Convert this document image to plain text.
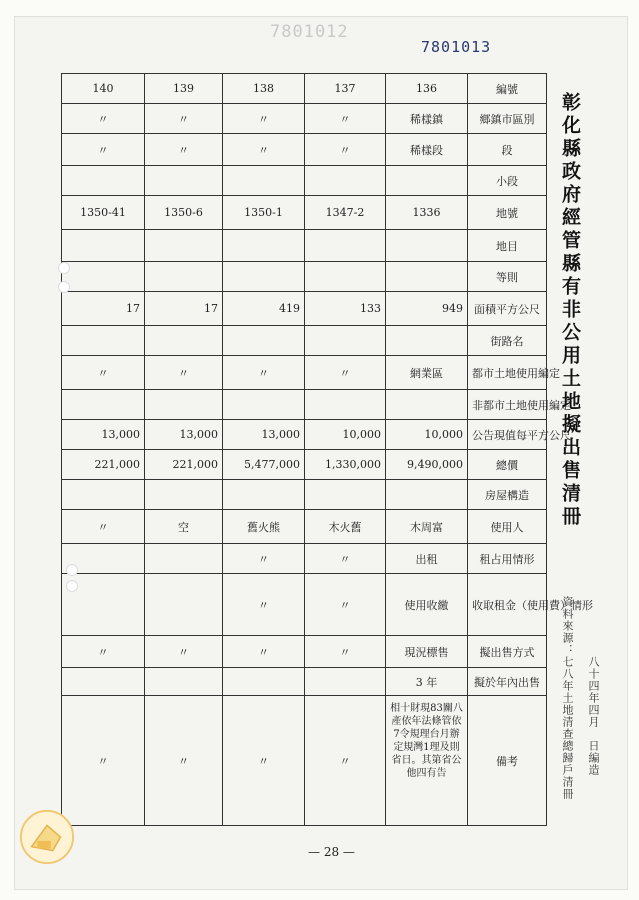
7801012
7801013
140	139	138	137	136	編號
〃	〃	〃	〃	稀樣鎮	鄉鎮市區別
〃	〃	〃	〃	稀樣段	段
					小段
1350-41	1350-6	1350-1	1347-2	1336	地號
					地目
					等則
17	17	419	133	949	面積平方公尺
					街路名
〃	〃	〃	〃	網業區	都市土地使用編定
					非都市土地使用編定
13,000	13,000	13,000	10,000	10,000	公告現值每平方公尺
221,000	221,000	5,477,000	1,330,000	9,490,000	總價
					房屋構造
〃	空	舊火熊	木火舊	木周富	使用人
		〃	〃	出租	租占用情形
		〃	〃	使用收繳	收取租金（使用費）情形
〃	〃	〃	〃	現況標售	擬出售方式
				3 年	擬於年內出售
〃	〃	〃	〃	相十財現83關八產依年法條管依7令規理台月辦定規灣1理及則省日。其第省公他四有告	備考
彰化縣政府經管縣有非公用土地擬出售清冊
資料來源：七八年土地清查總歸戶清冊 八十四年四月　日編造
— 28 —
